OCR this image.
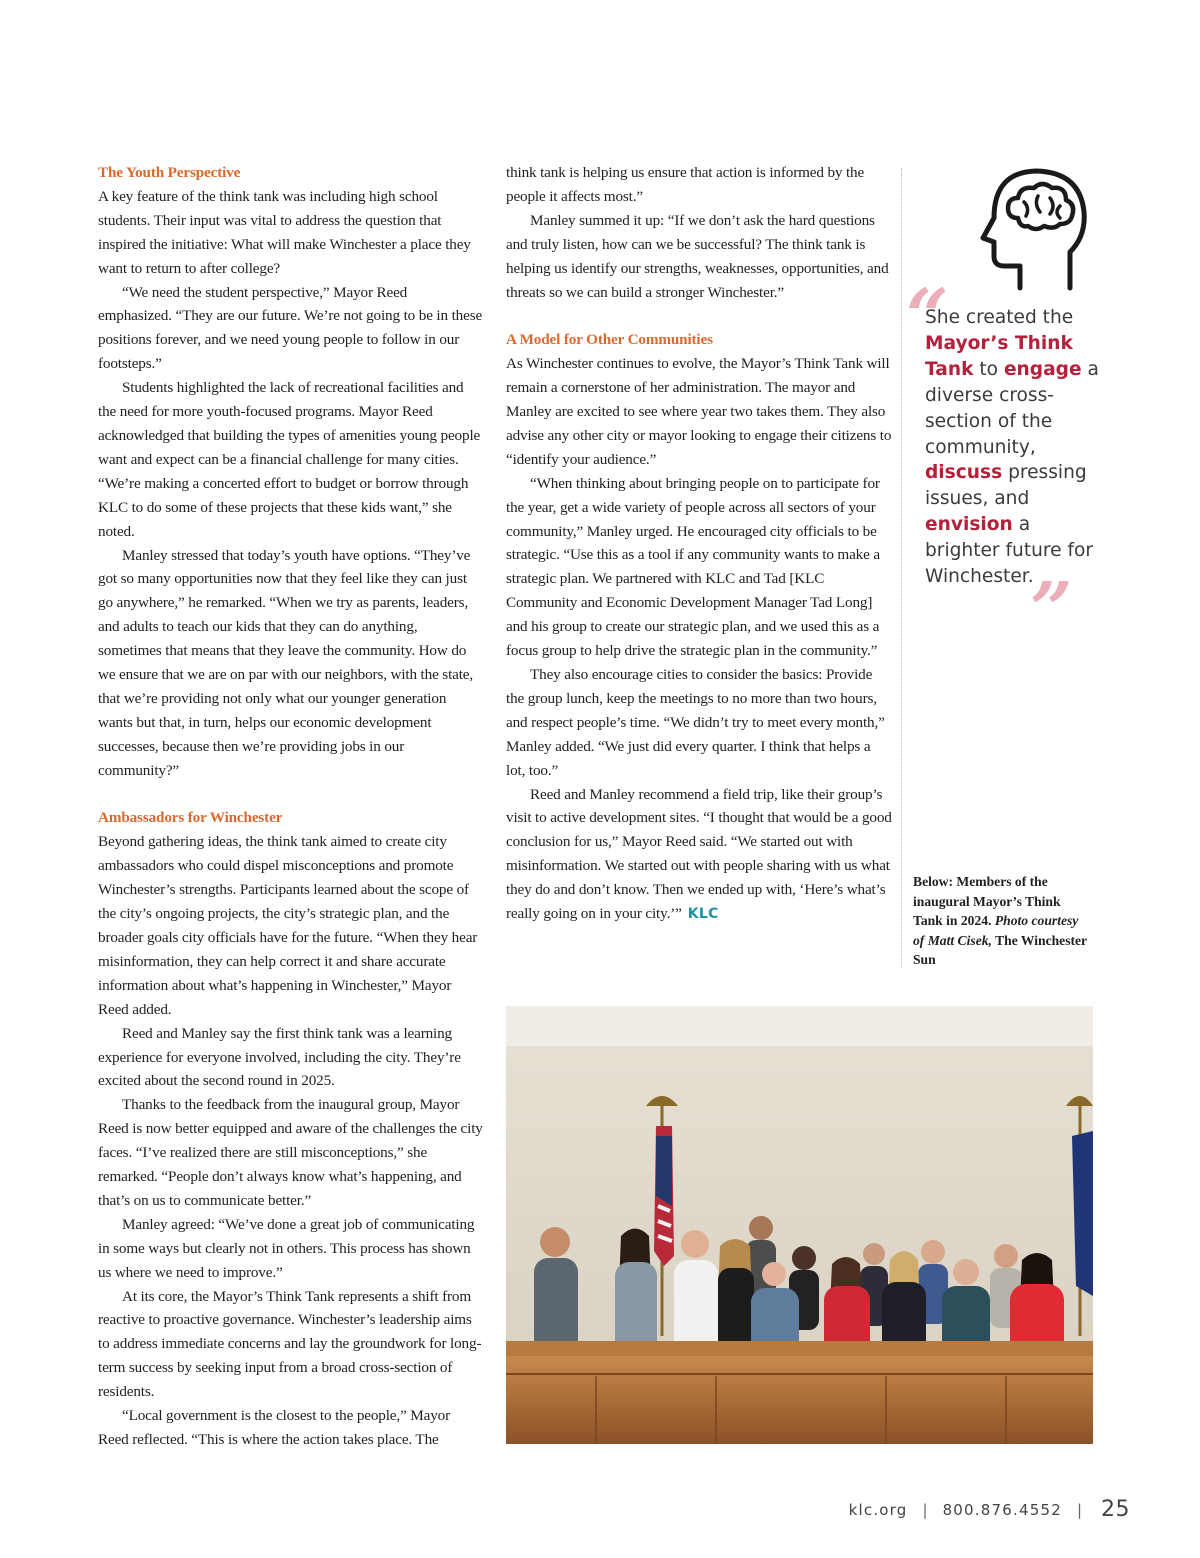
The Youth Perspective

A key feature of the think tank was including high school students. Their input was vital to address the question that inspired the initiative: What will make Winchester a place they want to return to after college?

“We need the student perspective,” Mayor Reed emphasized. “They are our future. We’re not going to be in these positions forever, and we need young people to follow in our footsteps.”

Students highlighted the lack of recreational facilities and the need for more youth-focused programs. Mayor Reed acknowledged that building the types of amenities young people want and expect can be a financial challenge for many cities. “We’re making a concerted effort to budget or borrow through KLC to do some of these projects that these kids want,” she noted.

Manley stressed that today’s youth have options. “They’ve got so many opportunities now that they feel like they can just go anywhere,” he remarked. “When we try as parents, leaders, and adults to teach our kids that they can do anything, sometimes that means that they leave the community. How do we ensure that we are on par with our neighbors, with the state, that we’re providing not only what our younger generation wants but that, in turn, helps our economic development successes, because then we’re providing jobs in our community?”

Ambassadors for Winchester

Beyond gathering ideas, the think tank aimed to create city ambassadors who could dispel misconceptions and promote Winchester’s strengths. Participants learned about the scope of the city’s ongoing projects, the city’s strategic plan, and the broader goals city officials have for the future. “When they hear misinformation, they can help correct it and share accurate information about what’s happening in Winchester,” Mayor Reed added.

Reed and Manley say the first think tank was a learning experience for everyone involved, including the city. They’re excited about the second round in 2025.

Thanks to the feedback from the inaugural group, Mayor Reed is now better equipped and aware of the challenges the city faces. “I’ve realized there are still misconceptions,” she remarked. “People don’t always know what’s happening, and that’s on us to communicate better.”

Manley agreed: “We’ve done a great job of communicating in some ways but clearly not in others. This process has shown us where we need to improve.”

At its core, the Mayor’s Think Tank represents a shift from reactive to proactive governance. Winchester’s leadership aims to address immediate concerns and lay the groundwork for long-term success by seeking input from a broad cross-section of residents.

“Local government is the closest to the people,” Mayor Reed reflected. “This is where the action takes place. The

think tank is helping us ensure that action is informed by the people it affects most.”

Manley summed it up: “If we don’t ask the hard questions and truly listen, how can we be successful? The think tank is helping us identify our strengths, weaknesses, opportunities, and threats so we can build a stronger Winchester.”

A Model for Other Communities

As Winchester continues to evolve, the Mayor’s Think Tank will remain a cornerstone of her administration. The mayor and Manley are excited to see where year two takes them. They also advise any other city or mayor looking to engage their citizens to “identify your audience.”

“When thinking about bringing people on to participate for the year, get a wide variety of people across all sectors of your community,” Manley urged. He encouraged city officials to be strategic. “Use this as a tool if any community wants to make a strategic plan. We partnered with KLC and Tad [KLC Community and Economic Development Manager Tad Long] and his group to create our strategic plan, and we used this as a focus group to help drive the strategic plan in the community.”

They also encourage cities to consider the basics: Provide the group lunch, keep the meetings to no more than two hours, and respect people’s time. “We didn’t try to meet every month,” Manley added. “We just did every quarter. I think that helps a lot, too.”

Reed and Manley recommend a field trip, like their group’s visit to active development sites. “I thought that would be a good conclusion for us,” Mayor Reed said. “We started out with misinformation. We started out with people sharing with us what they do and don’t know. Then we ended up with, ‘Here’s what’s really going on in your city.’” KLC

“
She created the Mayor’s Think Tank to engage a diverse cross-section of the community, discuss pressing issues, and envision a brighter future for Winchester.
”
Below: Members of the inaugural Mayor’s Think Tank in 2024. Photo courtesy of Matt Cisek, The Winchester Sun
klc.org | 800.876.4552 | 25
